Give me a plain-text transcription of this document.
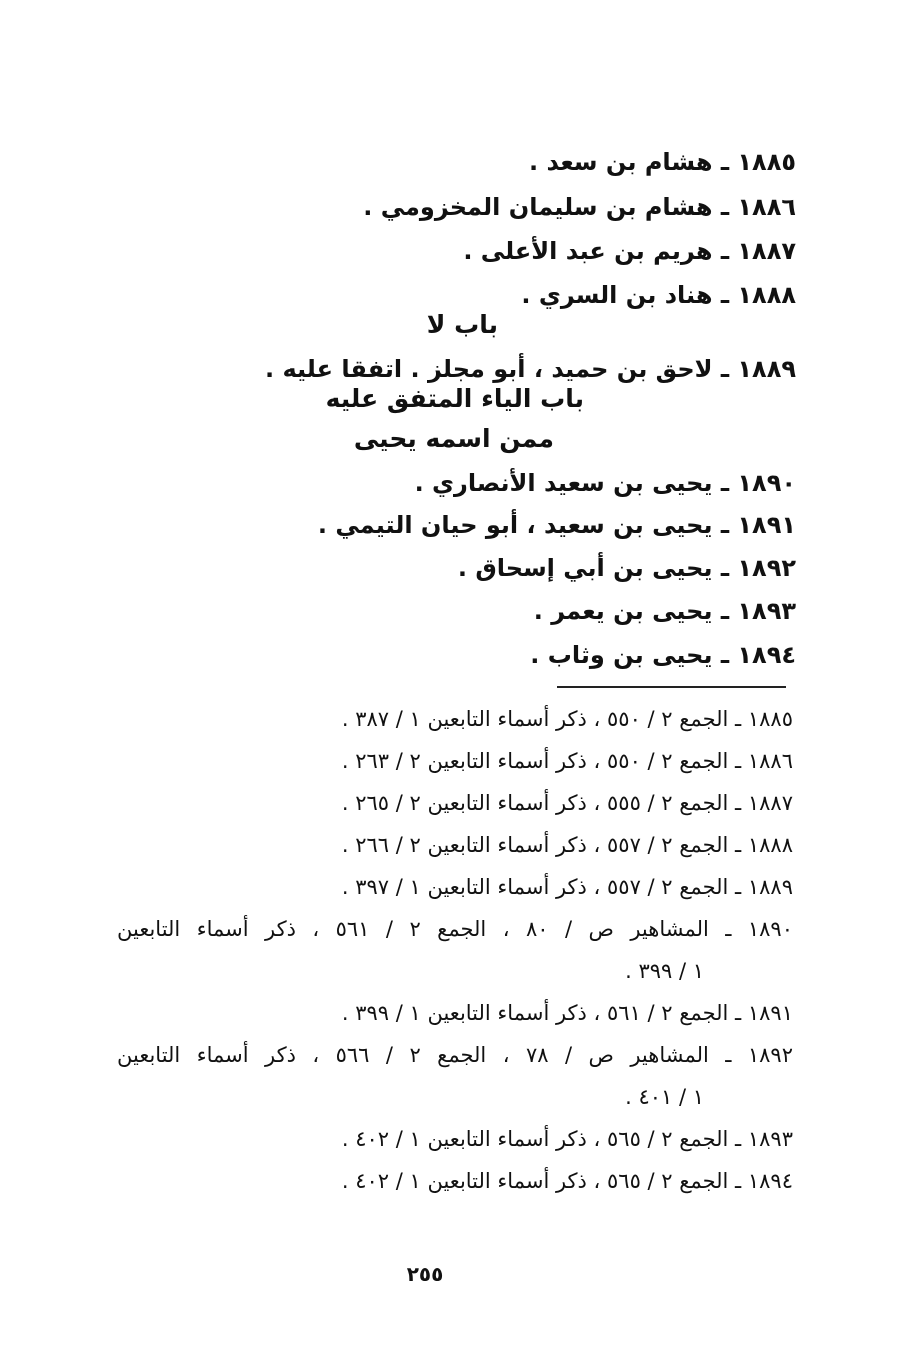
١٨٨٥ ـ هشام بن سعد .
١٨٨٦ ـ هشام بن سليمان المخزومي .
١٨٨٧ ـ هريم بن عبد الأعلى .
١٨٨٨ ـ هناد بن السري .
باب لا
١٨٨٩ ـ لاحق بن حميد ، أبو مجلز . اتفقا عليه .
باب الياء المتفق عليه
ممن اسمه يحيى
١٨٩٠ ـ يحيى بن سعيد الأنصاري .
١٨٩١ ـ يحيى بن سعيد ، أبو حيان التيمي .
١٨٩٢ ـ يحيى بن أبي إسحاق .
١٨٩٣ ـ يحيى بن يعمر .
١٨٩٤ ـ يحيى بن وثاب .
١٨٨٥ ـ الجمع ٢ / ٥٥٠ ، ذكر أسماء التابعين ١ / ٣٨٧ .
١٨٨٦ ـ الجمع ٢ / ٥٥٠ ، ذكر أسماء التابعين ٢ / ٢٦٣ .
١٨٨٧ ـ الجمع ٢ / ٥٥٥ ، ذكر أسماء التابعين ٢ / ٢٦٥ .
١٨٨٨ ـ الجمع ٢ / ٥٥٧ ، ذكر أسماء التابعين ٢ / ٢٦٦ .
١٨٨٩ ـ الجمع ٢ / ٥٥٧ ، ذكر أسماء التابعين ١ / ٣٩٧ .
١٨٩٠ ـ المشاهير ص / ٨٠ ، الجمع ٢ / ٥٦١ ، ذكر أسماء التابعين
١ / ٣٩٩ .
١٨٩١ ـ الجمع ٢ / ٥٦١ ، ذكر أسماء التابعين ١ / ٣٩٩ .
١٨٩٢ ـ المشاهير ص / ٧٨ ، الجمع ٢ / ٥٦٦ ، ذكر أسماء التابعين
١ / ٤٠١ .
١٨٩٣ ـ الجمع ٢ / ٥٦٥ ، ذكر أسماء التابعين ١ / ٤٠٢ .
١٨٩٤ ـ الجمع ٢ / ٥٦٥ ، ذكر أسماء التابعين ١ / ٤٠٢ .
٢٥٥
